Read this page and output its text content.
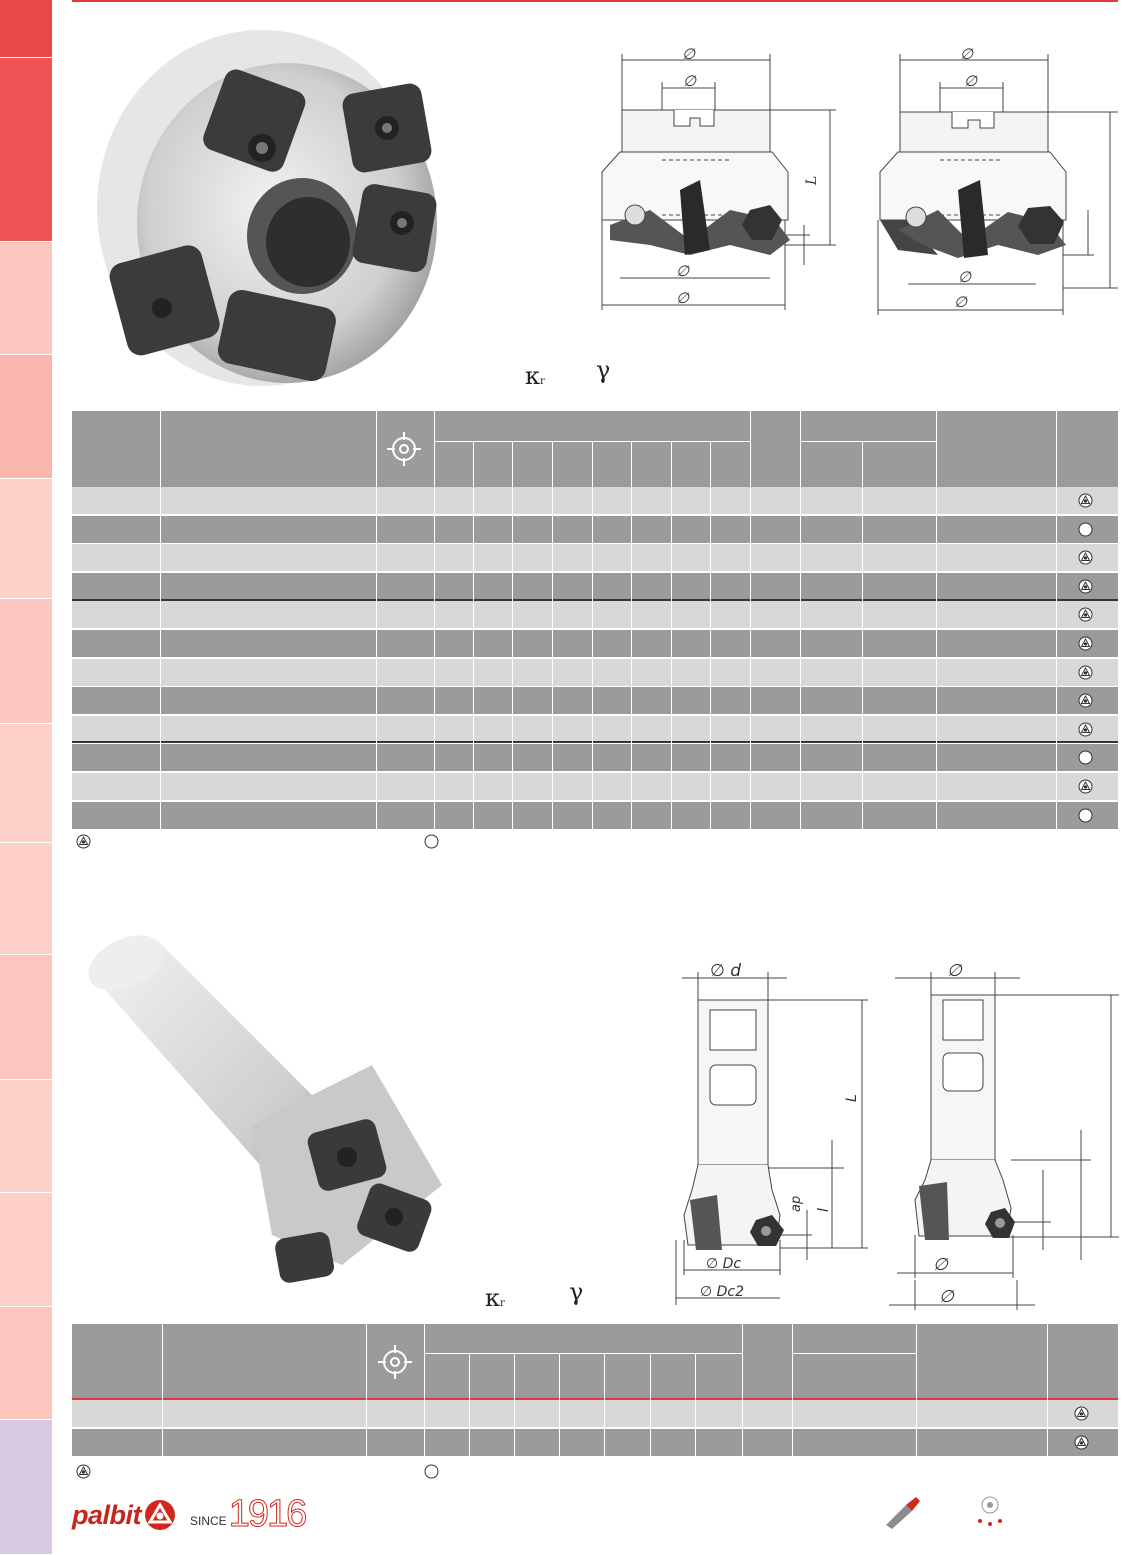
∅
∅
∅
∅
L
∅
∅
∅
∅
κr γ
∅ d
∅ Dc
∅ Dc2
L
l
ap
∅
∅
∅
κr	γ
palbit	SINCE 1916
